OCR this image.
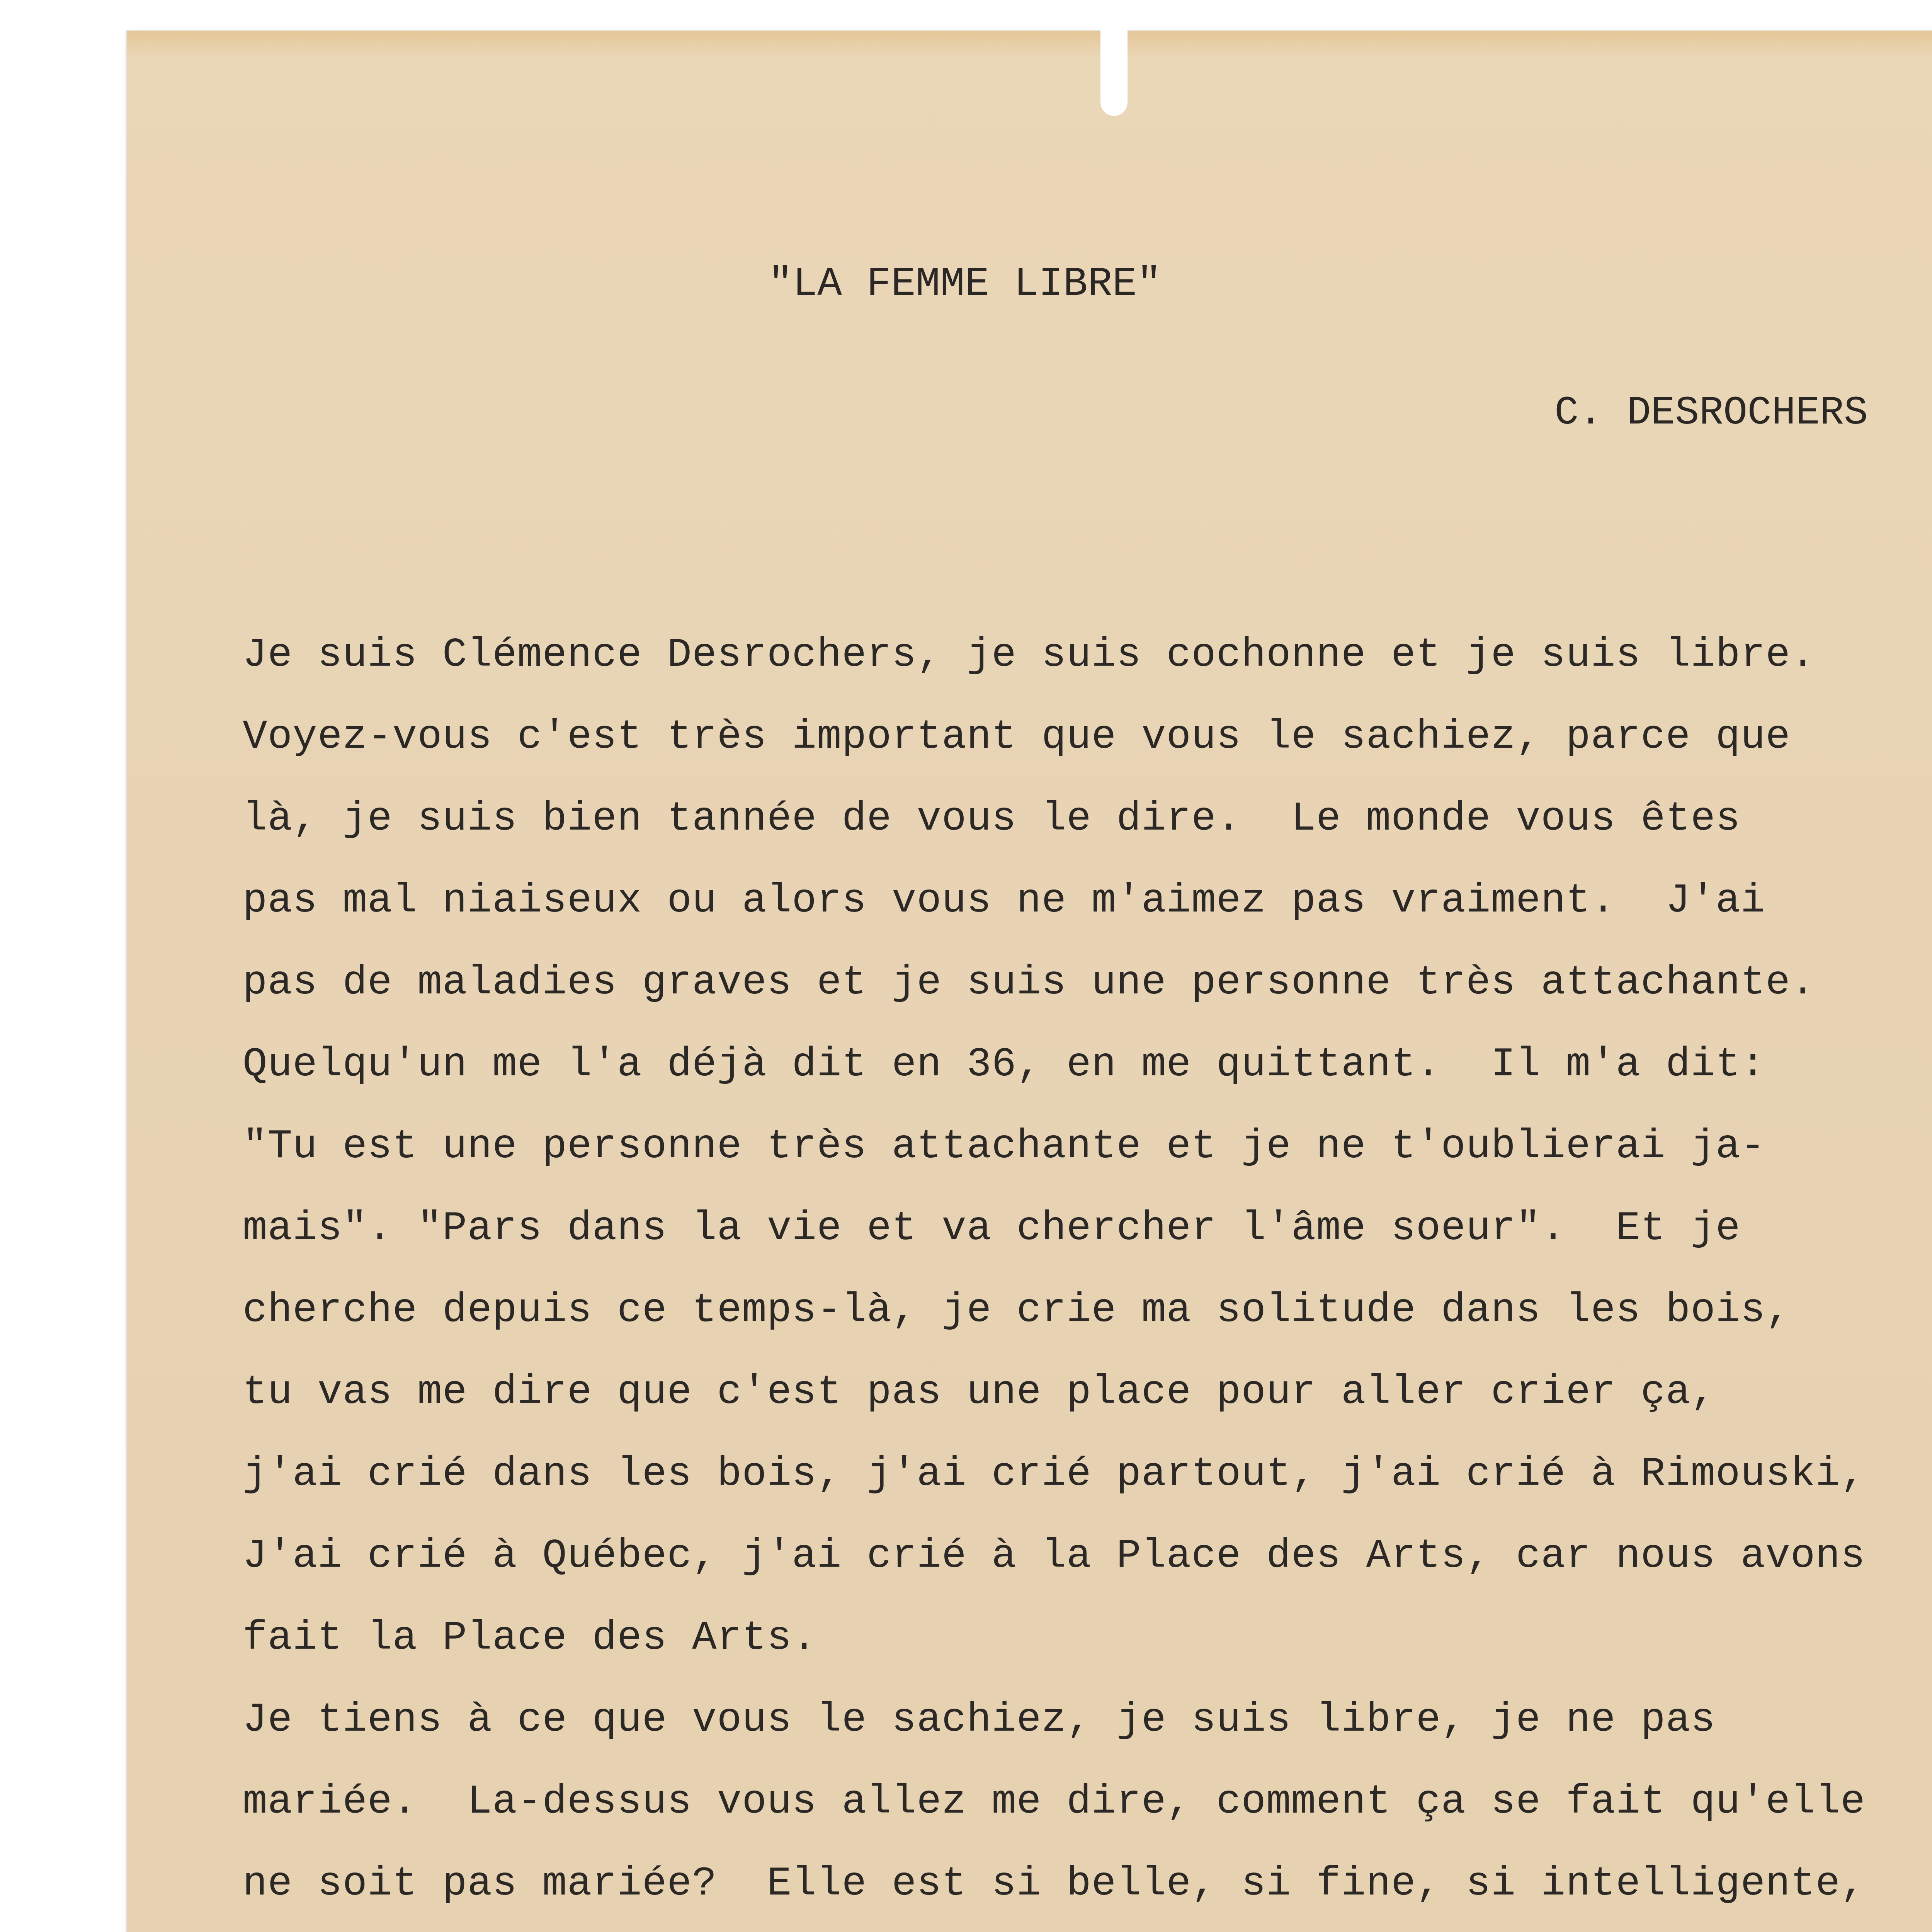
"LA FEMME LIBRE"
C. DESROCHERS
Je suis Clémence Desrochers, je suis cochonne et je suis libre.
Voyez-vous c'est très important que vous le sachiez, parce que
là, je suis bien tannée de vous le dire.  Le monde vous êtes
pas mal niaiseux ou alors vous ne m'aimez pas vraiment.  J'ai
pas de maladies graves et je suis une personne très attachante.
Quelqu'un me l'a déjà dit en 36, en me quittant.  Il m'a dit:
"Tu est une personne très attachante et je ne t'oublierai ja-
mais". "Pars dans la vie et va chercher l'âme soeur".  Et je
cherche depuis ce temps-là, je crie ma solitude dans les bois,
tu vas me dire que c'est pas une place pour aller crier ça,
j'ai crié dans les bois, j'ai crié partout, j'ai crié à Rimouski,
J'ai crié à Québec, j'ai crié à la Place des Arts, car nous avons
fait la Place des Arts.
Je tiens à ce que vous le sachiez, je suis libre, je ne pas
mariée.  La-dessus vous allez me dire, comment ça se fait qu'elle
ne soit pas mariée?  Elle est si belle, si fine, si intelligente,
